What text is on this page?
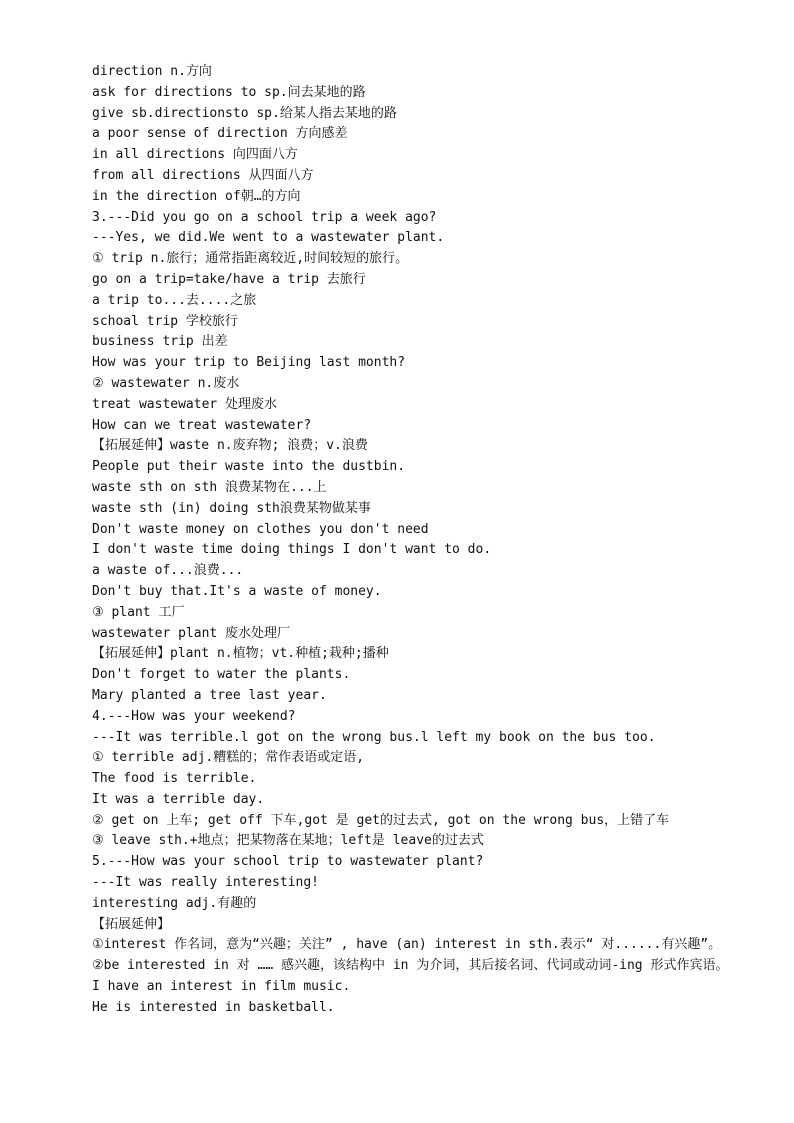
direction n.方向
ask for directions to sp.问去某地的路
give sb.directionsto sp.给某人指去某地的路
a poor sense of direction 方向感差
in all directions 向四面八方
from all directions 从四面八方
in the direction of朝…的方向
3.---Did you go on a school trip a week ago?
---Yes, we did.We went to a wastewater plant.
① trip n.旅行；通常指距离较近,时间较短的旅行。
go on a trip=take/have a trip 去旅行
a trip to...去....之旅
schoal trip 学校旅行
business trip 出差
How was your trip to Beijing last month?
② wastewater n.废水
treat wastewater 处理废水
How can we treat wastewater?
【拓展延伸】waste n.废弃物; 浪费；v.浪费
People put their waste into the dustbin.
waste sth on sth 浪费某物在...上
waste sth (in) doing sth浪费某物做某事
Don't waste money on clothes you don't need
I don't waste time doing things I don't want to do.
a waste of...浪费...
Don't buy that.It's a waste of money.
③ plant 工厂
wastewater plant 废水处理厂
【拓展延伸】plant n.植物；vt.种植;栽种;播种
Don't forget to water the plants.
Mary planted a tree last year.
4.---How was your weekend?
---It was terrible.l got on the wrong bus.l left my book on the bus too.
① terrible adj.糟糕的；常作表语或定语,
The food is terrible.
It was a terrible day.
② get on 上车; get off 下车,got 是 get的过去式, got on the wrong bus，上错了车
③ leave sth.+地点；把某物落在某地；left是 leave的过去式
5.---How was your school trip to wastewater plant?
---It was really interesting!
interesting adj.有趣的
【拓展延伸】
①interest 作名词，意为“兴趣；关注” , have (an) interest in sth.表示“ 对......有兴趣”。
②be interested in 对 …… 感兴趣，该结构中 in 为介词，其后接名词、代词或动词-ing 形式作宾语。
I have an interest in film music.
He is interested in basketball.
